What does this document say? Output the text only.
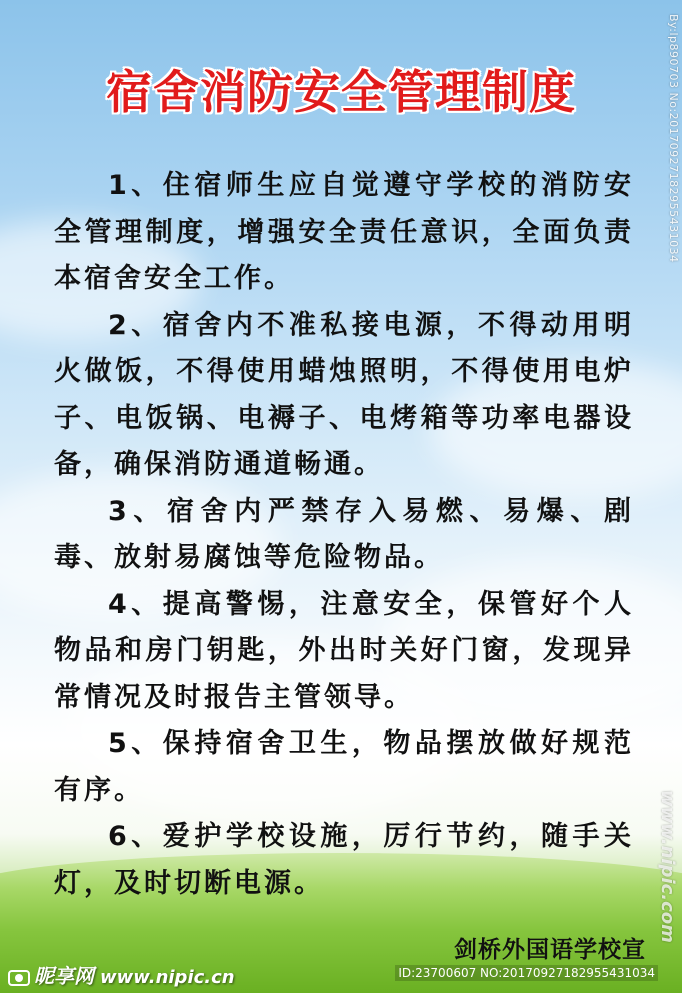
By:lp890703 No:20170927182955431034
www.nipic.com
宿舍消防安全管理制度

1、住宿师生应自觉遵守学校的消防安全管理制度，增强安全责任意识，全面负责本宿舍安全工作。

2、宿舍内不准私接电源，不得动用明火做饭，不得使用蜡烛照明，不得使用电炉子、电饭锅、电褥子、电烤箱等功率电器设备，确保消防通道畅通。

3、宿舍内严禁存入易燃、易爆、剧毒、放射易腐蚀等危险物品。

4、提高警惕，注意安全，保管好个人物品和房门钥匙，外出时关好门窗，发现异常情况及时报告主管领导。

5、保持宿舍卫生，物品摆放做好规范有序。

6、爱护学校设施，厉行节约，随手关灯，及时切断电源。

剑桥外国语学校宣
昵享网 www.nipic.cn	ID:23700607 NO:20170927182955431034
